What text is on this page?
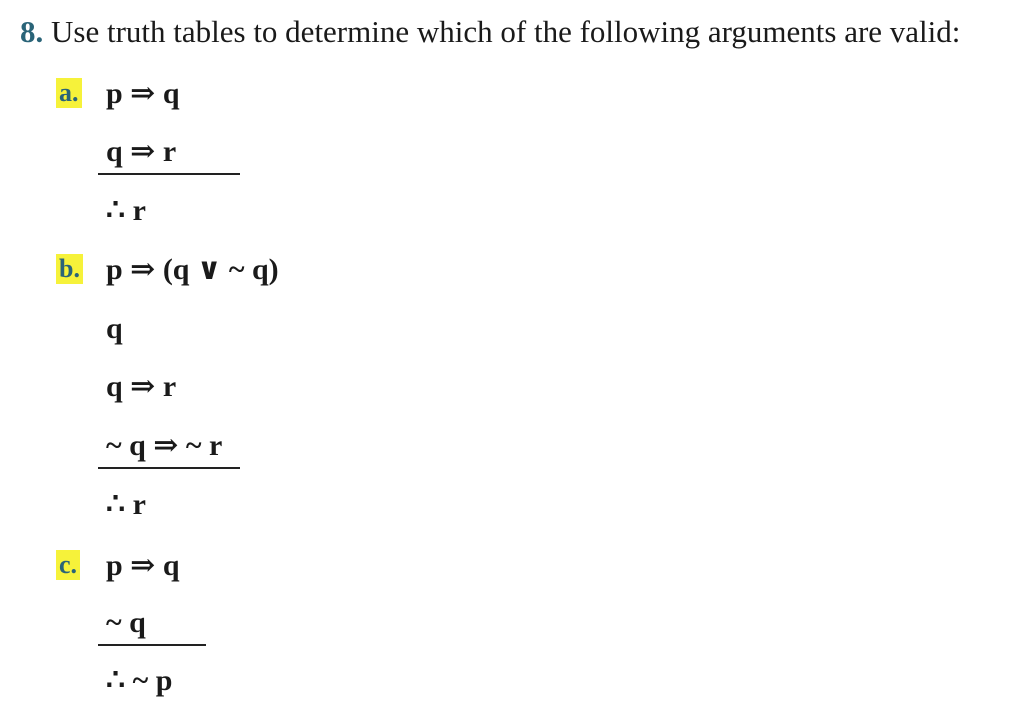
8. Use truth tables to determine which of the following arguments are valid:
a. p ⇒ q
q ⇒ r
∴ r
b. p ⇒ (q ∨ ~ q)
q
q ⇒ r
~ q ⇒ ~ r
∴ r
c. p ⇒ q
~ q
∴ ~ p
